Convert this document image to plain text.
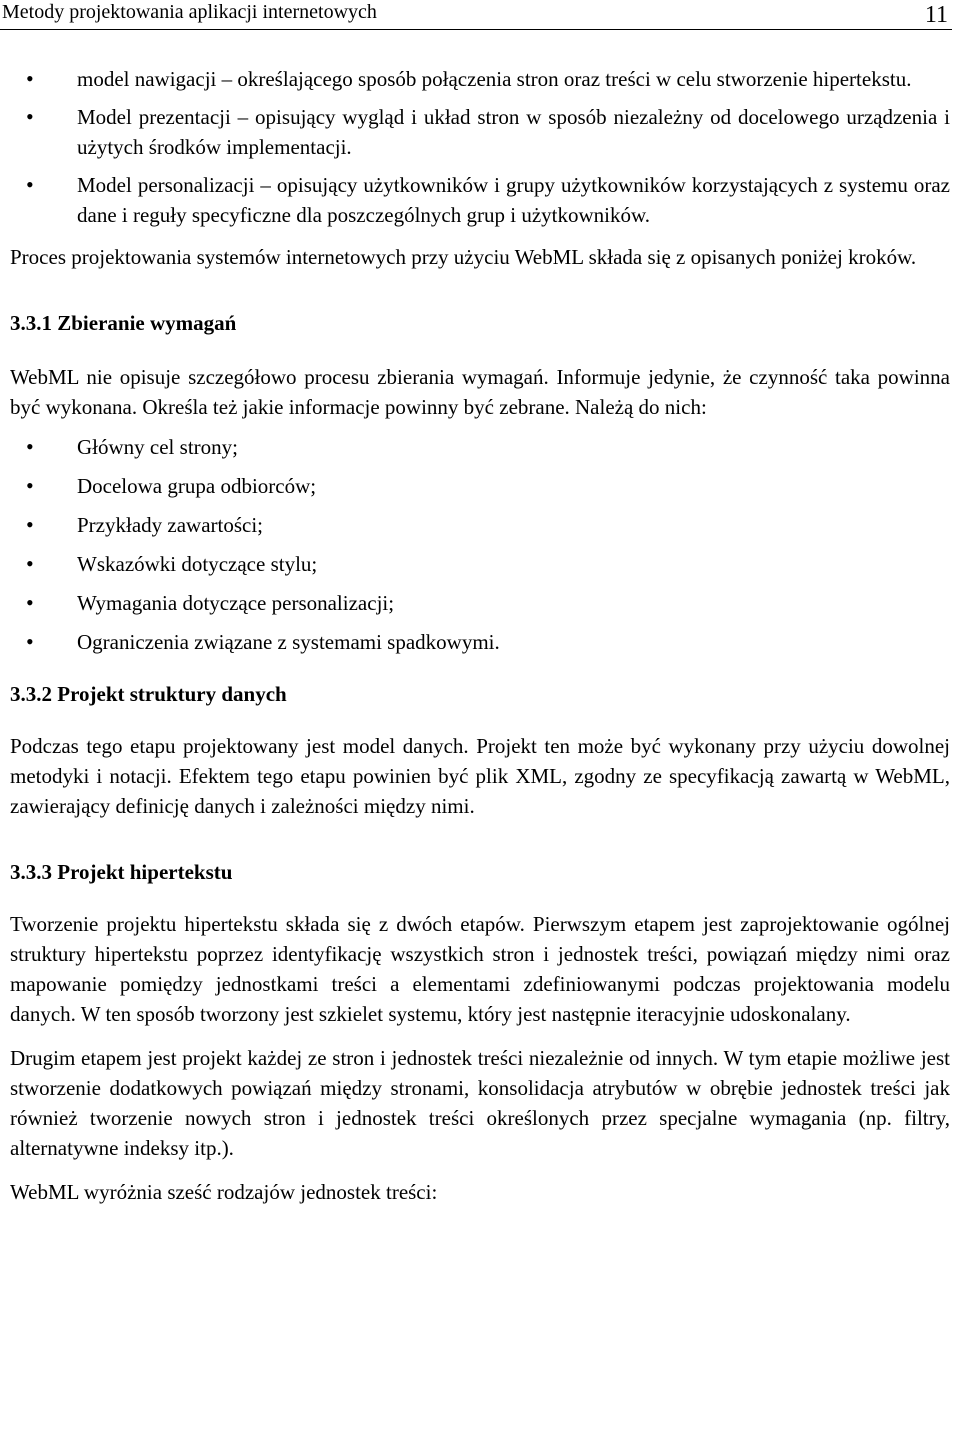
Metody projektowania aplikacji internetowych	11
• model nawigacji – określającego sposób połączenia stron oraz treści w celu stworzenie hipertekstu.
• Model prezentacji – opisujący wygląd i układ stron w sposób niezależny od docelowego urządzenia i użytych środków implementacji.
• Model personalizacji – opisujący użytkowników i grupy użytkowników korzystających z systemu oraz dane i reguły specyficzne dla poszczególnych grup i użytkowników.

Proces projektowania systemów internetowych przy użyciu WebML składa się z opisanych poniżej kroków.

3.3.1 Zbieranie wymagań

WebML nie opisuje szczegółowo procesu zbierania wymagań. Informuje jedynie, że czynność taka powinna być wykonana. Określa też jakie informacje powinny być zebrane. Należą do nich:

• Główny cel strony;
• Docelowa grupa odbiorców;
• Przykłady zawartości;
• Wskazówki dotyczące stylu;
• Wymagania dotyczące personalizacji;
• Ograniczenia związane z systemami spadkowymi.
3.3.2 Projekt struktury danych

Podczas tego etapu projektowany jest model danych. Projekt ten może być wykonany przy użyciu dowolnej metodyki i notacji. Efektem tego etapu powinien być plik XML, zgodny ze specyfikacją zawartą w WebML, zawierający definicję danych i zależności między nimi.

3.3.3 Projekt hipertekstu

Tworzenie projektu hipertekstu składa się z dwóch etapów. Pierwszym etapem jest zaprojektowanie ogólnej struktury hipertekstu poprzez identyfikację wszystkich stron i jednostek treści, powiązań między nimi oraz mapowanie pomiędzy jednostkami treści a elementami zdefiniowanymi podczas projektowania modelu danych. W ten sposób tworzony jest szkielet systemu, który jest następnie iteracyjnie udoskonalany.

Drugim etapem jest projekt każdej ze stron i jednostek treści niezależnie od innych. W tym etapie możliwe jest stworzenie dodatkowych powiązań między stronami, konsolidacja atrybutów w obrębie jednostek treści jak również tworzenie nowych stron i jednostek treści określonych przez specjalne wymagania (np. filtry, alternatywne indeksy itp.).

WebML wyróżnia sześć rodzajów jednostek treści:
